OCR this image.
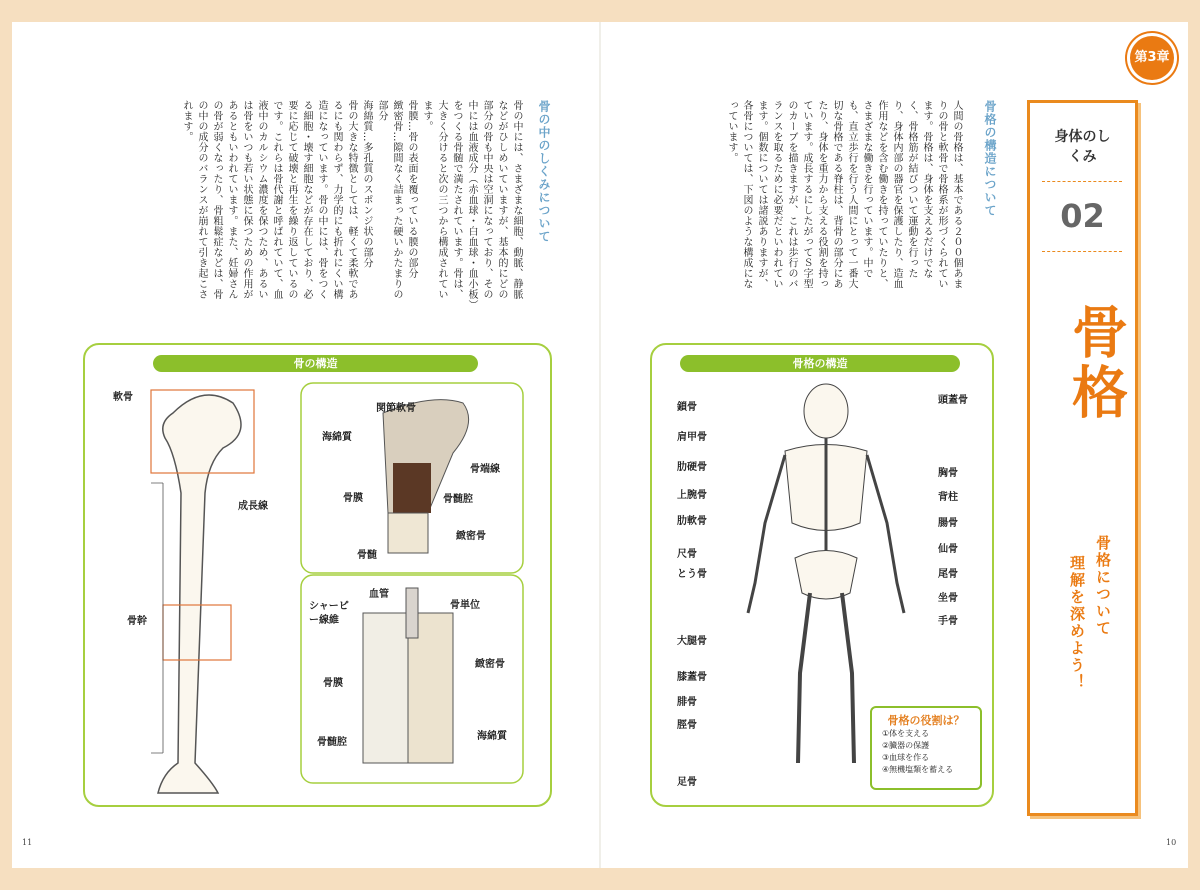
第3章
身体のしくみ
02
骨格
骨格について
理解を深めよう！
骨格の構造について
人間の骨格は、基本である２００個あまりの骨と軟骨で骨格系が形づくられています。骨格は、身体を支えるだけでなく、骨格筋が結びついて運動を行ったり、身体内部の器官を保護したり、造血作用などを含む働きを持っていたりと、さまざまな働きを行っています。中でも、直立歩行を行う人間にとって一番大切な骨格である脊柱は、背骨の部分にあたり、身体を重力から支える役割を持っています。成長するにしたがってＳ字型のカーブを描きますが、これは歩行のバランスを取るために必要だといわれています。個数については諸説ありますが、各骨については、下図のような構成になっています。
骨の中のしくみについて
骨の中には、さまざまな細胞、動脈、静脈などがひしめいていますが、基本的にどの部分の骨も中央は空洞になっており、その中には血液成分（赤血球・白血球・血小板）をつくる骨髄で満たされています。骨は、大きく分けると次の三つから構成されています。
骨膜…骨の表面を覆っている膜の部分
緻密骨…隙間なく詰まった硬いかたまりの部分
海綿質…多孔質のスポンジ状の部分
骨の大きな特徴としては、軽くて柔軟であるにも関わらず、力学的にも折れにくい構造になっています。骨の中には、骨をつくる細胞・壊す細胞などが存在しており、必要に応じて破壊と再生を繰り返しているのです。これらは骨代謝と呼ばれていて、血液中のカルシウム濃度を保つため、あるいは骨をいつも若い状態に保つための作用があるともいわれています。また、妊婦さんの骨が弱くなったり、骨粗鬆症などは、骨の中の成分のバランスが崩れて引き起こされます。
骨の構造
軟骨
成長線
骨幹
関節軟骨
海綿質
骨端線
骨膜	骨髄腔
緻密骨
骨髄
血管
骨単位
シャーピー線維
骨膜
緻密骨
骨髄腔
海綿質
骨格の構造
鎖骨
肩甲骨
肋硬骨
上腕骨
肋軟骨
尺骨
とう骨
大腿骨
膝蓋骨
腓骨
脛骨
足骨
頭蓋骨
胸骨
背柱
腸骨
仙骨
尾骨
坐骨
手骨
骨格の役割は？
①体を支える
②臓器の保護
③血球を作る
④無機塩類を蓄える
11	10
